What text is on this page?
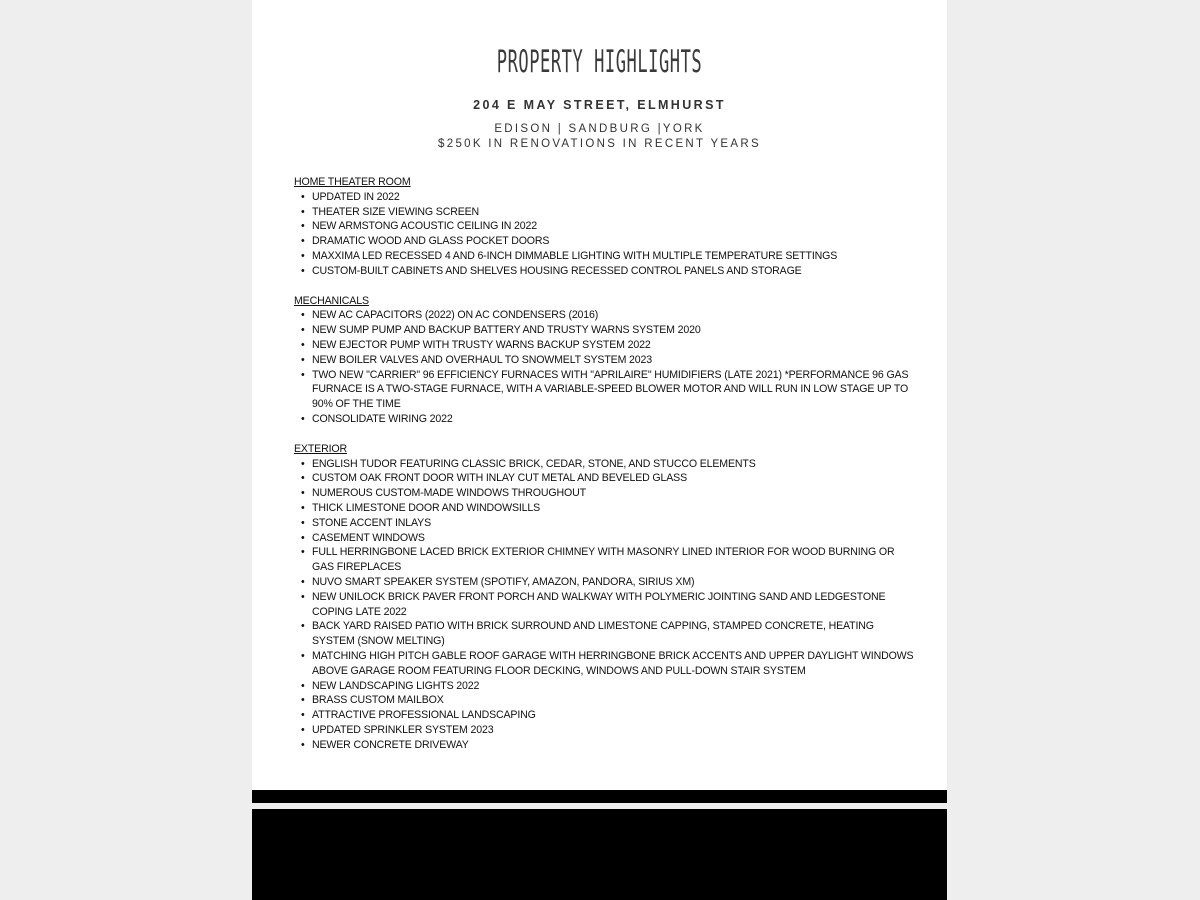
PROPERTY HIGHLIGHTS
204 E MAY STREET, ELMHURST
EDISON | SANDBURG |YORK
$250K IN RENOVATIONS IN RECENT YEARS
HOME THEATER ROOM
• UPDATED IN 2022
• THEATER SIZE VIEWING SCREEN
• NEW ARMSTONG ACOUSTIC CEILING IN 2022
• DRAMATIC WOOD AND GLASS POCKET DOORS
• MAXXIMA LED RECESSED 4 AND 6-INCH DIMMABLE LIGHTING WITH MULTIPLE TEMPERATURE SETTINGS
• CUSTOM-BUILT CABINETS AND SHELVES HOUSING RECESSED CONTROL PANELS AND STORAGE
MECHANICALS
• NEW AC CAPACITORS (2022) ON AC CONDENSERS (2016)
• NEW SUMP PUMP AND BACKUP BATTERY AND TRUSTY WARNS SYSTEM 2020
• NEW EJECTOR PUMP WITH TRUSTY WARNS BACKUP SYSTEM 2022
• NEW BOILER VALVES AND OVERHAUL TO SNOWMELT SYSTEM 2023
• TWO NEW "CARRIER" 96 EFFICIENCY FURNACES WITH "APRILAIRE" HUMIDIFIERS (LATE 2021) *PERFORMANCE 96 GAS FURNACE IS A TWO-STAGE FURNACE, WITH A VARIABLE-SPEED BLOWER MOTOR AND WILL RUN IN LOW STAGE UP TO 90% OF THE TIME
• CONSOLIDATE WIRING 2022
EXTERIOR
• ENGLISH TUDOR FEATURING CLASSIC BRICK, CEDAR, STONE, AND STUCCO ELEMENTS
• CUSTOM OAK FRONT DOOR WITH INLAY CUT METAL AND BEVELED GLASS
• NUMEROUS CUSTOM-MADE WINDOWS THROUGHOUT
• THICK LIMESTONE DOOR AND WINDOWSILLS
• STONE ACCENT INLAYS
• CASEMENT WINDOWS
• FULL HERRINGBONE LACED BRICK EXTERIOR CHIMNEY WITH MASONRY LINED INTERIOR FOR WOOD BURNING OR GAS FIREPLACES
• NUVO SMART SPEAKER SYSTEM (SPOTIFY, AMAZON, PANDORA, SIRIUS XM)
• NEW UNILOCK BRICK PAVER FRONT PORCH AND WALKWAY WITH POLYMERIC JOINTING SAND AND LEDGESTONE COPING LATE 2022
• BACK YARD RAISED PATIO WITH BRICK SURROUND AND LIMESTONE CAPPING, STAMPED CONCRETE, HEATING SYSTEM (SNOW MELTING)
• MATCHING HIGH PITCH GABLE ROOF GARAGE WITH HERRINGBONE BRICK ACCENTS AND UPPER DAYLIGHT WINDOWS ABOVE GARAGE ROOM FEATURING FLOOR DECKING, WINDOWS AND PULL-DOWN STAIR SYSTEM
• NEW LANDSCAPING LIGHTS 2022
• BRASS CUSTOM MAILBOX
• ATTRACTIVE PROFESSIONAL LANDSCAPING
• UPDATED SPRINKLER SYSTEM 2023
• NEWER CONCRETE DRIVEWAY
